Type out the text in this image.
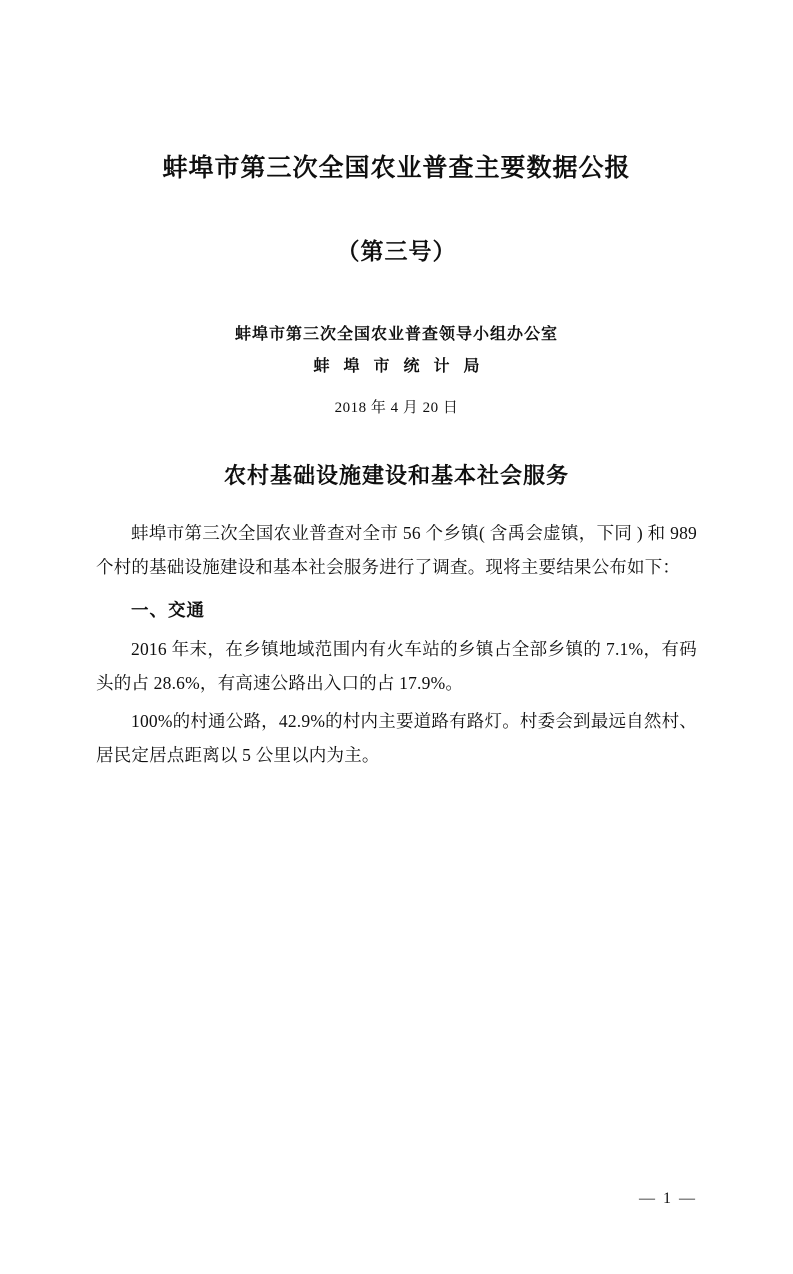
蚌埠市第三次全国农业普查主要数据公报
（第三号）
蚌埠市第三次全国农业普查领导小组办公室
蚌埠市统计局
2018 年 4 月 20 日
农村基础设施建设和基本社会服务

蚌埠市第三次全国农业普查对全市 56 个乡镇( 含禹会虚镇，下同 ) 和 989 个村的基础设施建设和基本社会服务进行了调查。现将主要结果公布如下：

一、交通

2016 年末，在乡镇地域范围内有火车站的乡镇占全部乡镇的 7.1%，有码头的占 28.6%，有高速公路出入口的占 17.9%。

100%的村通公路，42.9%的村内主要道路有路灯。村委会到最远自然村、居民定居点距离以 5 公里以内为主。

— 1 —
